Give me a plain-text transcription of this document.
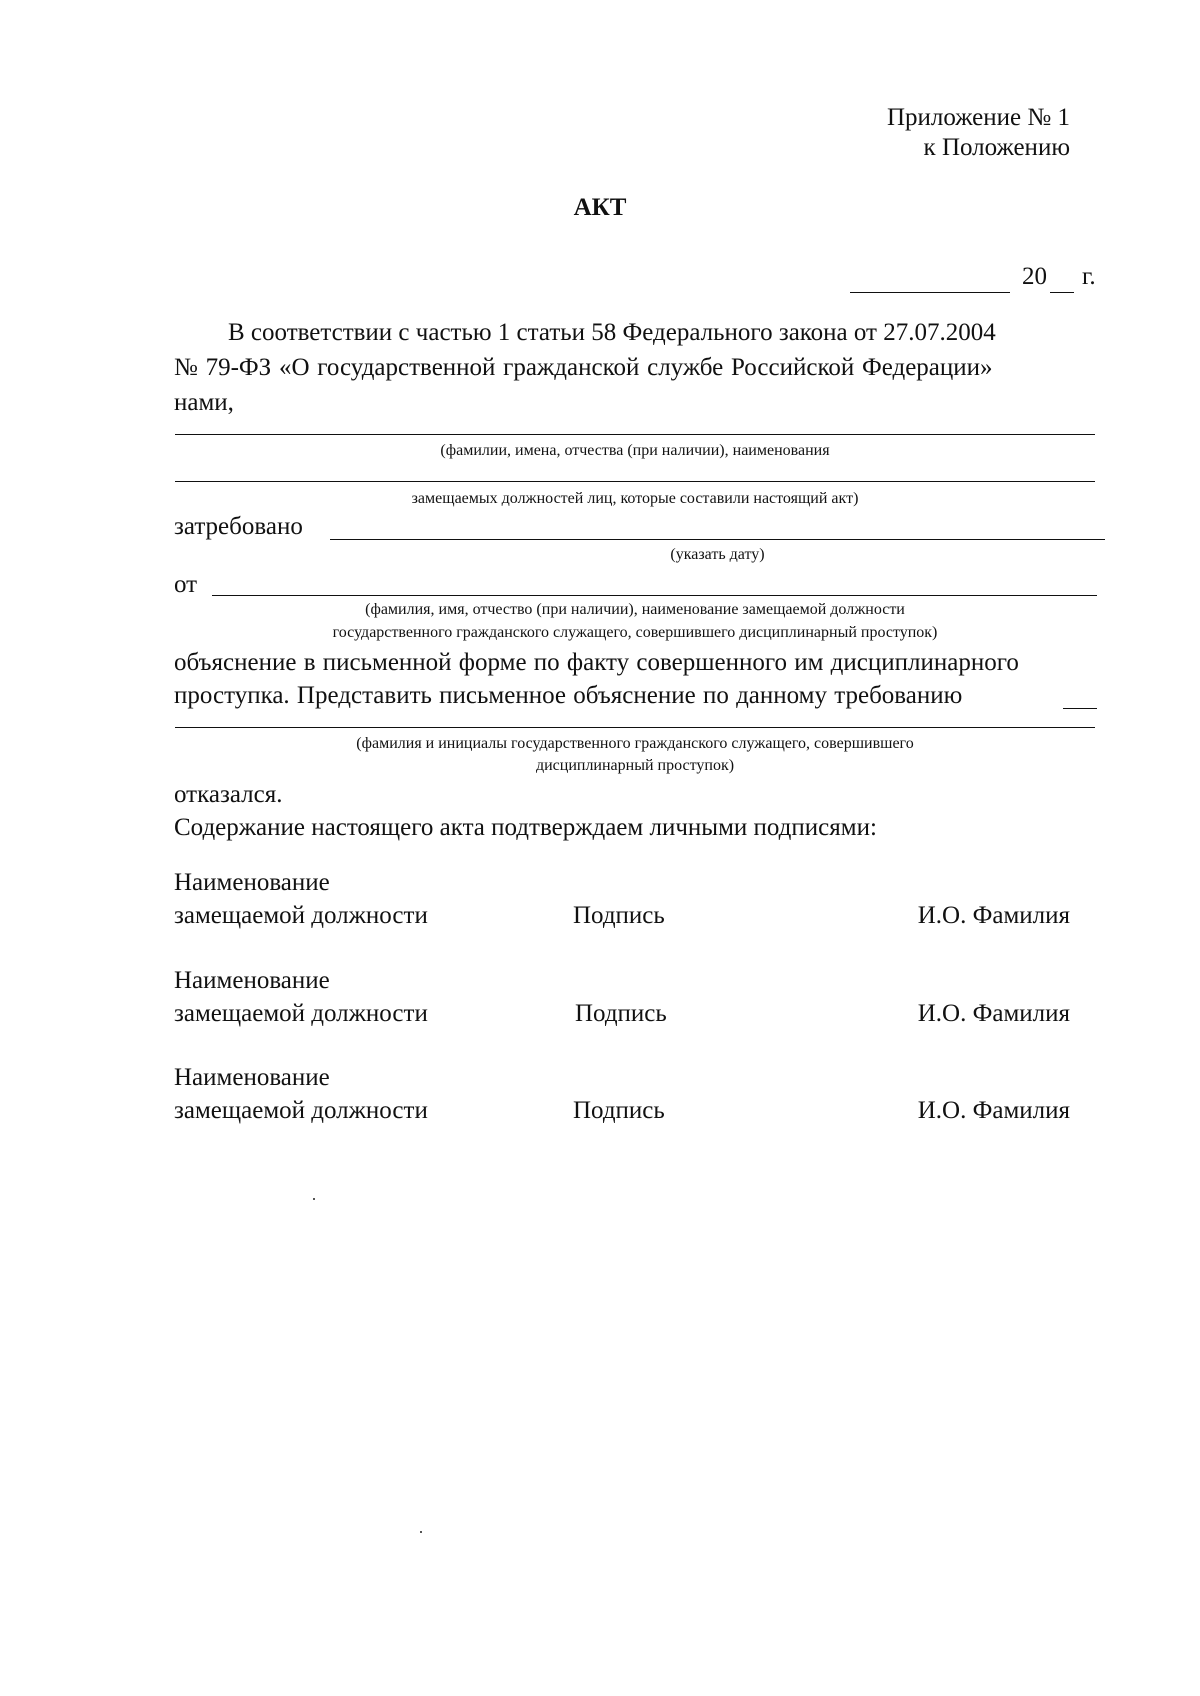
Приложение № 1
к Положению
АКТ
20 г.
В соответствии с частью 1 статьи 58 Федерального закона от 27.07.2004
№ 79-ФЗ «О государственной гражданской службе Российской Федерации»
нами,
(фамилии, имена, отчества (при наличии), наименования
замещаемых должностей лиц, которые составили настоящий акт)
затребовано
(указать дату)
от
(фамилия, имя, отчество (при наличии), наименование замещаемой должности
государственного гражданского служащего, совершившего дисциплинарный проступок)
объяснение в письменной форме по факту совершенного им дисциплинарного
проступка. Представить письменное объяснение по данному требованию
(фамилия и инициалы государственного гражданского служащего, совершившего
дисциплинарный проступок)
отказался.
Содержание настоящего акта подтверждаем личными подписями:
Наименование
замещаемой должности	Подпись	И.О. Фамилия
Наименование
замещаемой должности	Подпись	И.О. Фамилия
Наименование
замещаемой должности	Подпись	И.О. Фамилия
